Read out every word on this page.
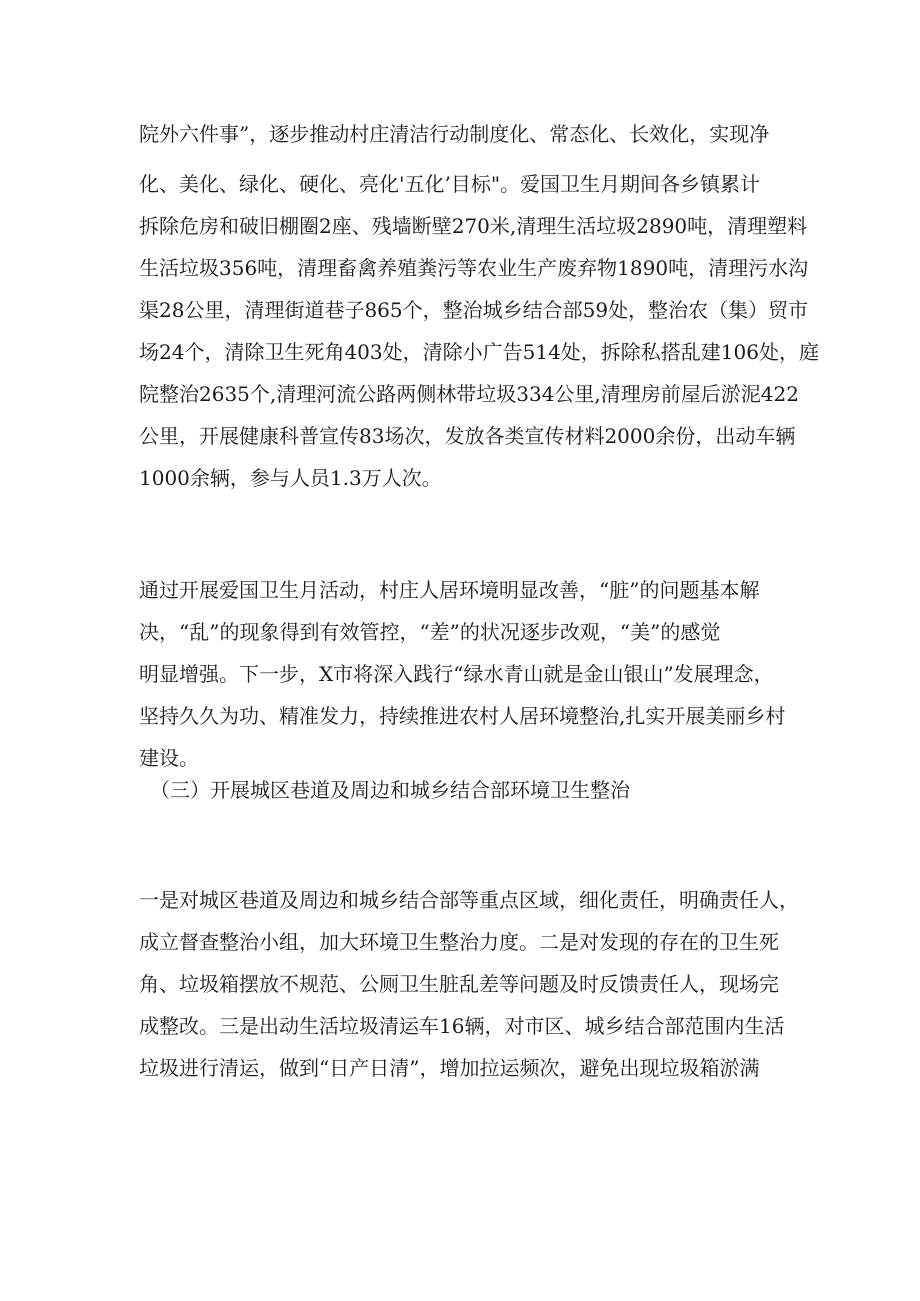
院外六件事”，逐步推动村庄清洁行动制度化、常态化、长效化，实现净

化、美化、绿化、硬化、亮化'五化’目标"。爱国卫生月期间各乡镇累计

拆除危房和破旧棚圈2座、残墙断壁270米,清理生活垃圾2890吨，清理塑料

生活垃圾356吨，清理畜禽养殖粪污等农业生产废弃物1890吨，清理污水沟

渠28公里，清理街道巷子865个，整治城乡结合部59处，整治农（集）贸市

场24个，清除卫生死角403处，清除小广告514处，拆除私搭乱建106处，庭

院整治2635个,清理河流公路两侧林带垃圾334公里,清理房前屋后淤泥422

公里，开展健康科普宣传83场次，发放各类宣传材料2000余份，出动车辆

1000余辆，参与人员1.3万人次。

通过开展爱国卫生月活动，村庄人居环境明显改善，“脏”的问题基本解

决，“乱”的现象得到有效管控，“差”的状况逐步改观，“美”的感觉

明显增强。下一步，X市将深入践行“绿水青山就是金山银山”发展理念，

坚持久久为功、精准发力，持续推进农村人居环境整治,扎实开展美丽乡村

建设。

（三）开展城区巷道及周边和城乡结合部环境卫生整治

一是对城区巷道及周边和城乡结合部等重点区域，细化责任，明确责任人，

成立督查整治小组，加大环境卫生整治力度。二是对发现的存在的卫生死

角、垃圾箱摆放不规范、公厕卫生脏乱差等问题及时反馈责任人，现场完

成整改。三是出动生活垃圾清运车16辆，对市区、城乡结合部范围内生活

垃圾进行清运，做到“日产日清”，增加拉运频次，避免出现垃圾箱淤满
